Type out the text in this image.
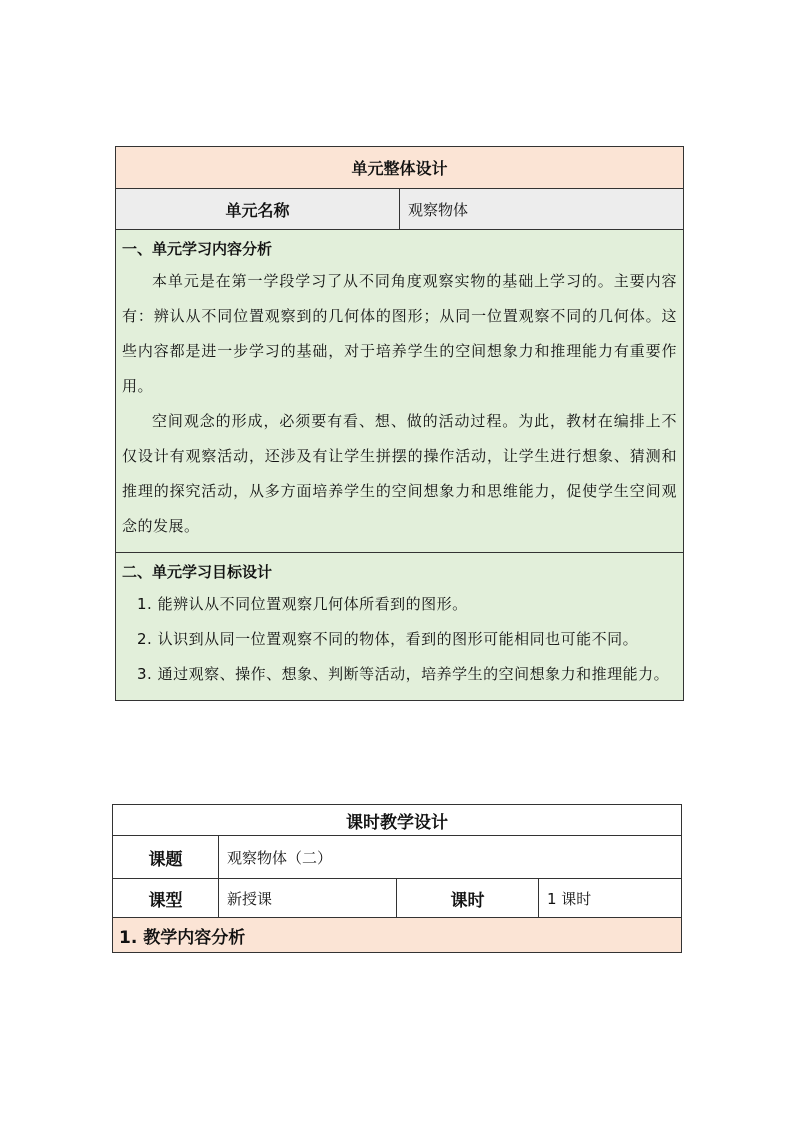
单元整体设计
单元名称	观察物体

一、单元学习内容分析

本单元是在第一学段学习了从不同角度观察实物的基础上学习的。主要内容有：辨认从不同位置观察到的几何体的图形；从同一位置观察不同的几何体。这些内容都是进一步学习的基础，对于培养学生的空间想象力和推理能力有重要作用。

空间观念的形成，必须要有看、想、做的活动过程。为此，教材在编排上不仅设计有观察活动，还涉及有让学生拼摆的操作活动，让学生进行想象、猜测和推理的探究活动，从多方面培养学生的空间想象力和思维能力，促使学生空间观念的发展。

二、单元学习目标设计

1. 能辨认从不同位置观察几何体所看到的图形。

2. 认识到从同一位置观察不同的物体，看到的图形可能相同也可能不同。

3. 通过观察、操作、想象、判断等活动，培养学生的空间想象力和推理能力。

课时教学设计			
课题	观察物体（二）		
课型	新授课	课时	1 课时
1. 教学内容分析			
